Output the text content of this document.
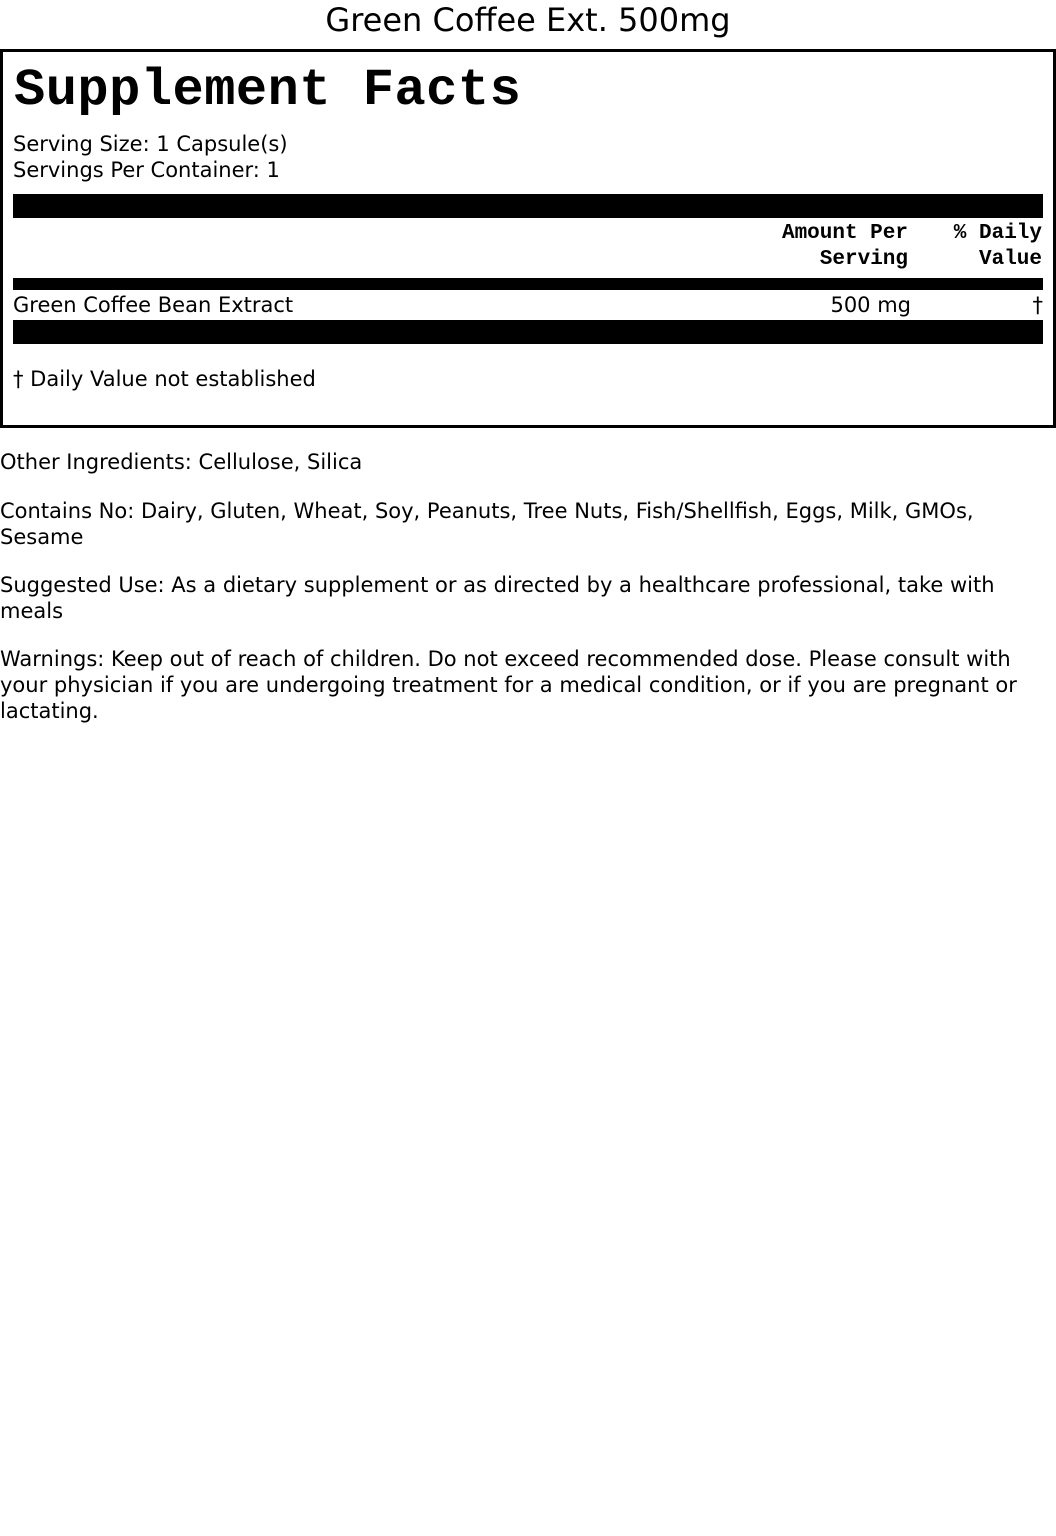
Green Coffee Ext. 500mg
Supplement Facts
Serving Size: 1 Capsule(s)
Servings Per Container: 1
Amount Per
Serving
% Daily
Value
Green Coffee Bean Extract	500 mg	†
† Daily Value not established
Other Ingredients: Cellulose, Silica
Contains No: Dairy, Gluten, Wheat, Soy, Peanuts, Tree Nuts, Fish/Shellfish, Eggs, Milk, GMOs, Sesame
Suggested Use: As a dietary supplement or as directed by a healthcare professional, take with meals
Warnings: Keep out of reach of children. Do not exceed recommended dose. Please consult with your physician if you are undergoing treatment for a medical condition, or if you are pregnant or lactating.
